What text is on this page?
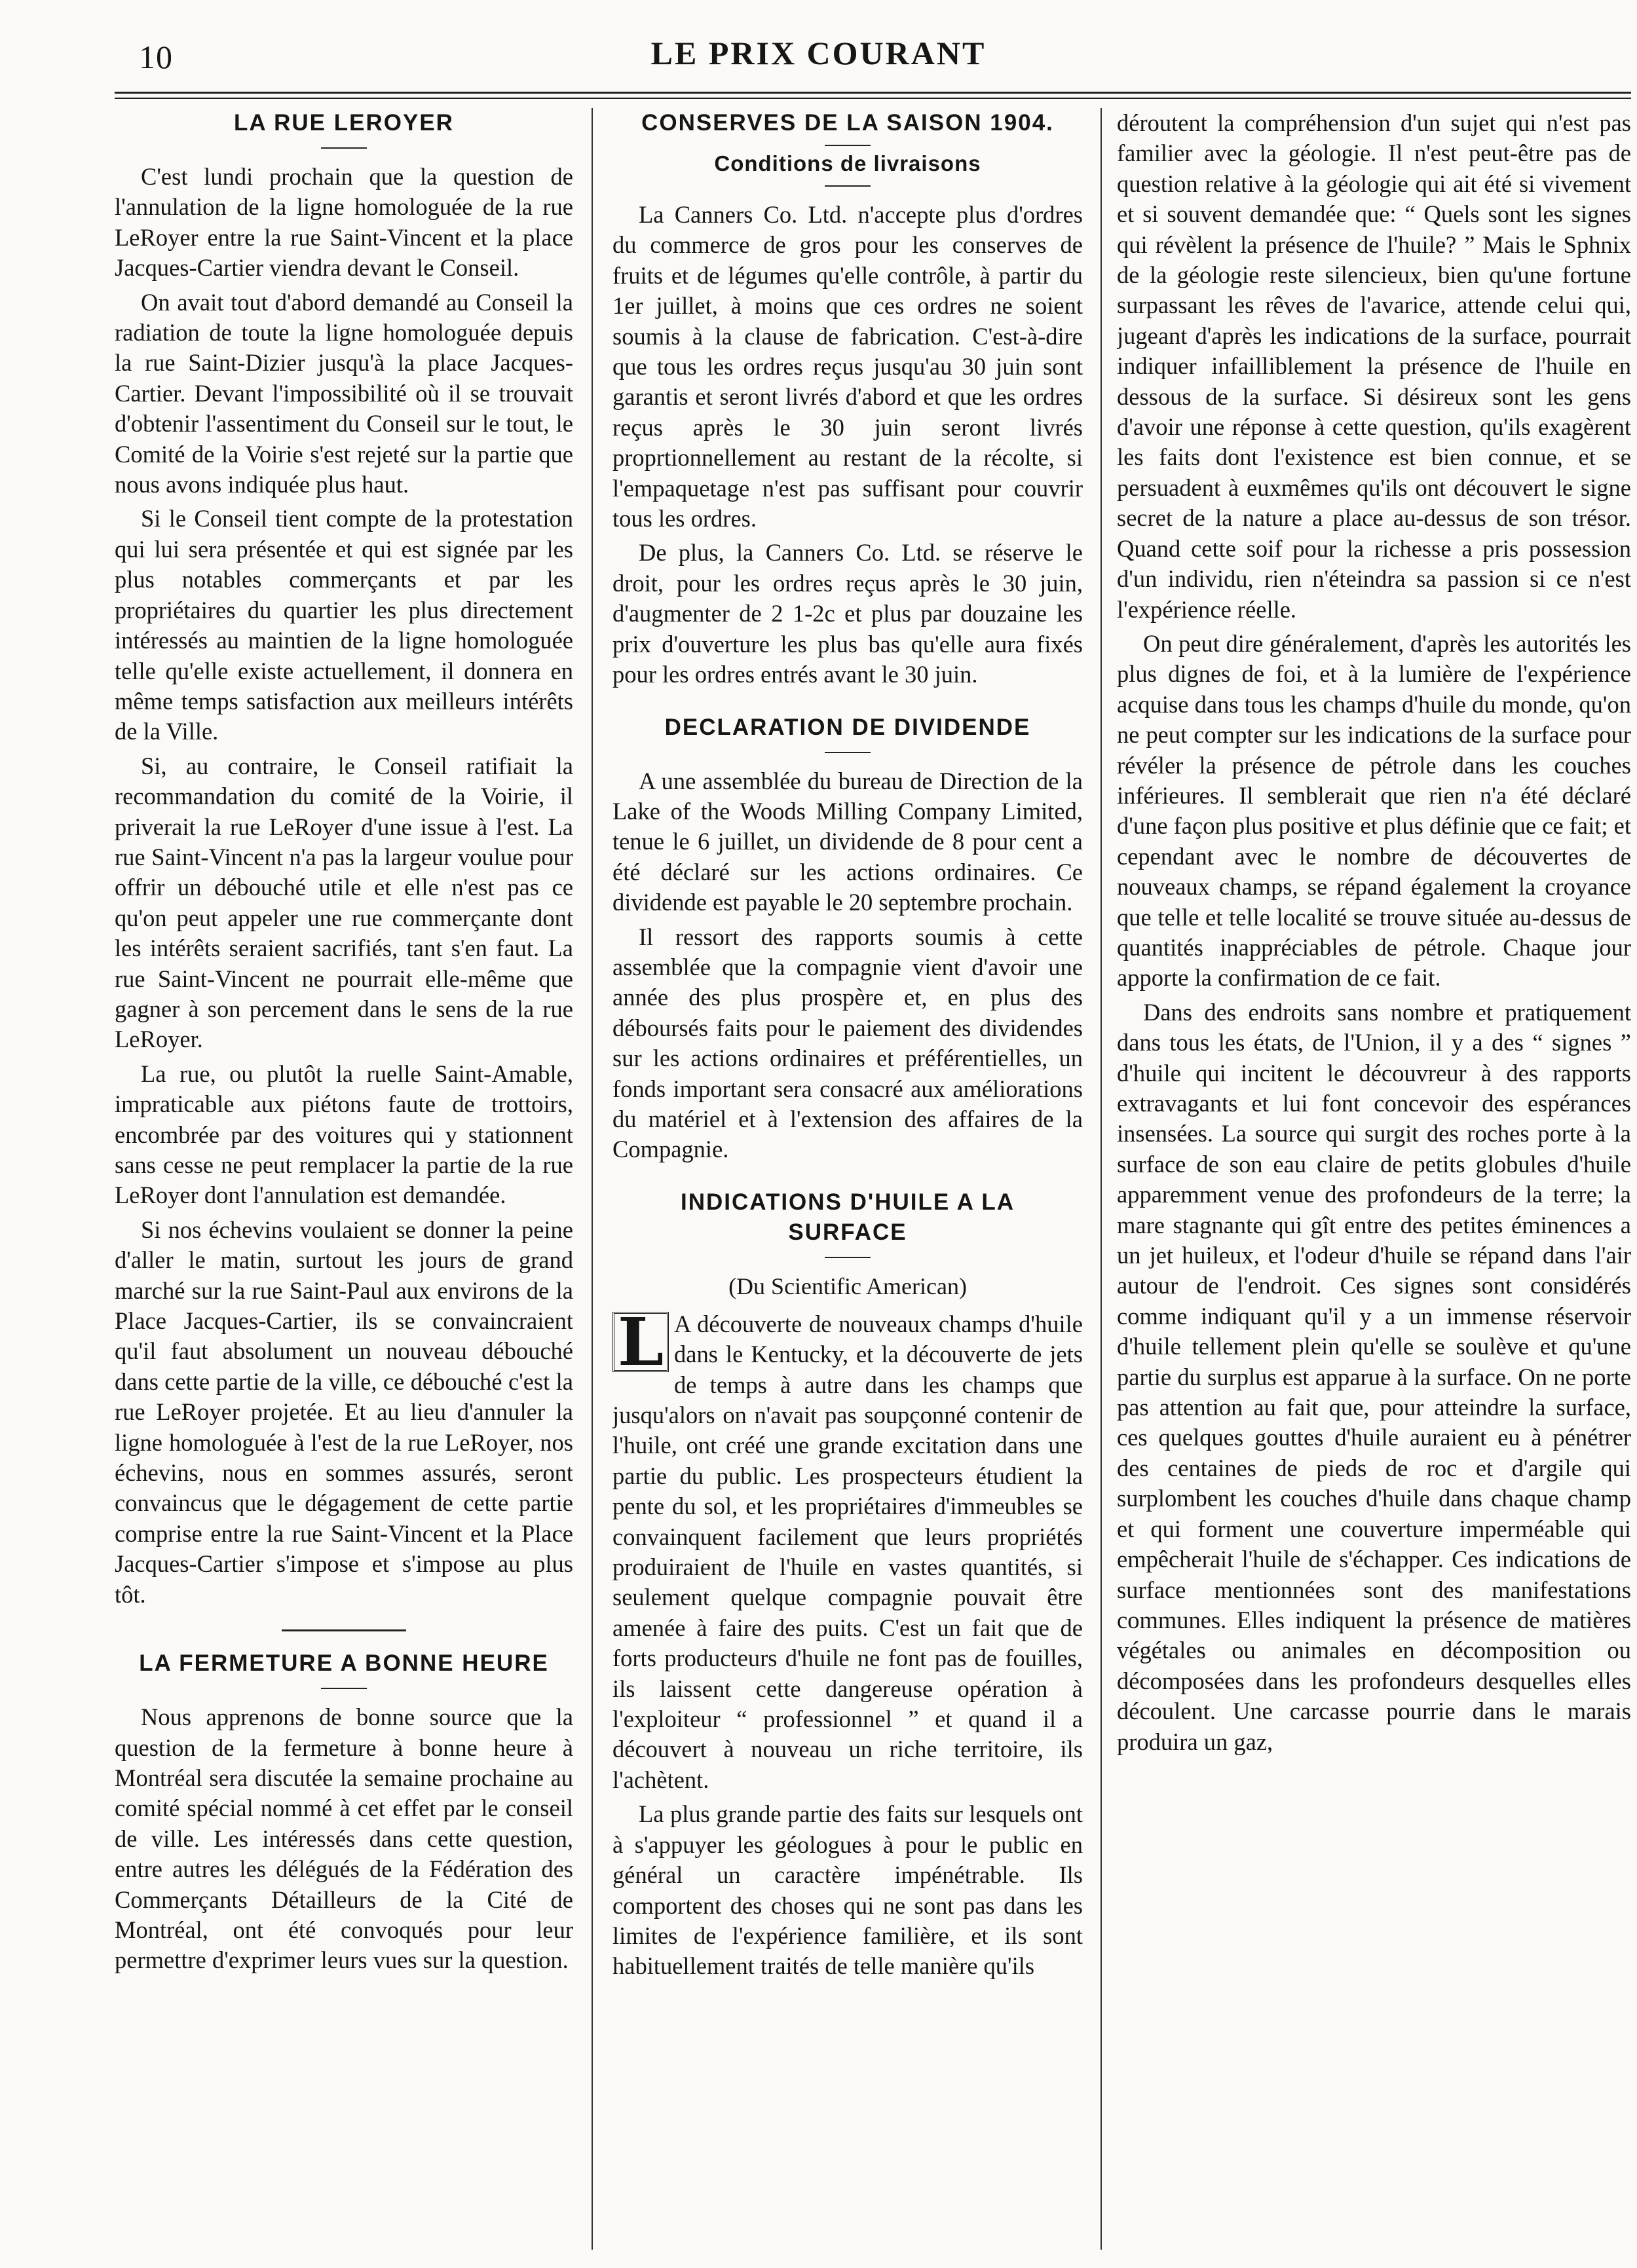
10	LE PRIX COURANT
LA RUE LEROYER

C'est lundi prochain que la question de l'annulation de la ligne homologuée de la rue LeRoyer entre la rue Saint-Vincent et la place Jacques-Cartier viendra devant le Conseil.

On avait tout d'abord demandé au Conseil la radiation de toute la ligne homologuée depuis la rue Saint-Dizier jusqu'à la place Jacques-Cartier. Devant l'impossibilité où il se trouvait d'obtenir l'assentiment du Conseil sur le tout, le Comité de la Voirie s'est rejeté sur la partie que nous avons indiquée plus haut.

Si le Conseil tient compte de la protestation qui lui sera présentée et qui est signée par les plus notables commerçants et par les propriétaires du quartier les plus directement intéressés au maintien de la ligne homologuée telle qu'elle existe actuellement, il donnera en même temps satisfaction aux meilleurs intérêts de la Ville.

Si, au contraire, le Conseil ratifiait la recommandation du comité de la Voirie, il priverait la rue LeRoyer d'une issue à l'est. La rue Saint-Vincent n'a pas la largeur voulue pour offrir un débouché utile et elle n'est pas ce qu'on peut appeler une rue commerçante dont les intérêts seraient sacrifiés, tant s'en faut. La rue Saint-Vincent ne pourrait elle-même que gagner à son percement dans le sens de la rue LeRoyer.

La rue, ou plutôt la ruelle Saint-Amable, impraticable aux piétons faute de trottoirs, encombrée par des voitures qui y stationnent sans cesse ne peut remplacer la partie de la rue LeRoyer dont l'annulation est demandée.

Si nos échevins voulaient se donner la peine d'aller le matin, surtout les jours de grand marché sur la rue Saint-Paul aux environs de la Place Jacques-Cartier, ils se convaincraient qu'il faut absolument un nouveau débouché dans cette partie de la ville, ce débouché c'est la rue LeRoyer projetée. Et au lieu d'annuler la ligne homologuée à l'est de la rue LeRoyer, nos échevins, nous en sommes assurés, seront convaincus que le dégagement de cette partie comprise entre la rue Saint-Vincent et la Place Jacques-Cartier s'impose et s'impose au plus tôt.

LA FERMETURE A BONNE HEURE

Nous apprenons de bonne source que la question de la fermeture à bonne heure à Montréal sera discutée la semaine prochaine au comité spécial nommé à cet effet par le conseil de ville. Les intéressés dans cette question, entre autres les délégués de la Fédération des Commerçants Détailleurs de la Cité de Montréal, ont été convoqués pour leur permettre d'exprimer leurs vues sur la question.

CONSERVES DE LA SAISON 1904.
Conditions de livraisons

La Canners Co. Ltd. n'accepte plus d'ordres du commerce de gros pour les conserves de fruits et de légumes qu'elle contrôle, à partir du 1er juillet, à moins que ces ordres ne soient soumis à la clause de fabrication. C'est-à-dire que tous les ordres reçus jusqu'au 30 juin sont garantis et seront livrés d'abord et que les ordres reçus après le 30 juin seront livrés proprtionnellement au restant de la récolte, si l'empaquetage n'est pas suffisant pour couvrir tous les ordres.

De plus, la Canners Co. Ltd. se réserve le droit, pour les ordres reçus après le 30 juin, d'augmenter de 2 1-2c et plus par douzaine les prix d'ouverture les plus bas qu'elle aura fixés pour les ordres entrés avant le 30 juin.

DECLARATION DE DIVIDENDE

A une assemblée du bureau de Direction de la Lake of the Woods Milling Company Limited, tenue le 6 juillet, un dividende de 8 pour cent a été déclaré sur les actions ordinaires. Ce dividende est payable le 20 septembre prochain.

Il ressort des rapports soumis à cette assemblée que la compagnie vient d'avoir une année des plus prospère et, en plus des déboursés faits pour le paiement des dividendes sur les actions ordinaires et préférentielles, un fonds important sera consacré aux améliorations du matériel et à l'extension des affaires de la Compagnie.

INDICATIONS D'HUILE A LA SURFACE
(Du Scientific American)

L A découverte de nouveaux champs d'huile dans le Kentucky, et la découverte de jets de temps à autre dans les champs que jusqu'alors on n'avait pas soupçonné contenir de l'huile, ont créé une grande excitation dans une partie du public. Les prospecteurs étudient la pente du sol, et les propriétaires d'immeubles se convainquent facilement que leurs propriétés produiraient de l'huile en vastes quantités, si seulement quelque compagnie pouvait être amenée à faire des puits. C'est un fait que de forts producteurs d'huile ne font pas de fouilles, ils laissent cette dangereuse opération à l'exploiteur “ professionnel ” et quand il a découvert à nouveau un riche territoire, ils l'achètent.

La plus grande partie des faits sur lesquels ont à s'appuyer les géologues à pour le public en général un caractère impénétrable. Ils comportent des choses qui ne sont pas dans les limites de l'expérience familière, et ils sont habituellement traités de telle manière qu'ils

déroutent la compréhension d'un sujet qui n'est pas familier avec la géologie. Il n'est peut-être pas de question relative à la géologie qui ait été si vivement et si souvent demandée que: “ Quels sont les signes qui révèlent la présence de l'huile? ” Mais le Sphnix de la géologie reste silencieux, bien qu'une fortune surpassant les rêves de l'avarice, attende celui qui, jugeant d'après les indications de la surface, pourrait indiquer infailliblement la présence de l'huile en dessous de la surface. Si désireux sont les gens d'avoir une réponse à cette question, qu'ils exagèrent les faits dont l'existence est bien connue, et se persuadent à euxmêmes qu'ils ont découvert le signe secret de la nature a place au-dessus de son trésor. Quand cette soif pour la richesse a pris possession d'un individu, rien n'éteindra sa passion si ce n'est l'expérience réelle.

On peut dire généralement, d'après les autorités les plus dignes de foi, et à la lumière de l'expérience acquise dans tous les champs d'huile du monde, qu'on ne peut compter sur les indications de la surface pour révéler la présence de pétrole dans les couches inférieures. Il semblerait que rien n'a été déclaré d'une façon plus positive et plus définie que ce fait; et cependant avec le nombre de découvertes de nouveaux champs, se répand également la croyance que telle et telle localité se trouve située au-dessus de quantités inappréciables de pétrole. Chaque jour apporte la confirmation de ce fait.

Dans des endroits sans nombre et pratiquement dans tous les états, de l'Union, il y a des “ signes ” d'huile qui incitent le découvreur à des rapports extravagants et lui font concevoir des espérances insensées. La source qui surgit des roches porte à la surface de son eau claire de petits globules d'huile apparemment venue des profondeurs de la terre; la mare stagnante qui gît entre des petites éminences a un jet huileux, et l'odeur d'huile se répand dans l'air autour de l'endroit. Ces signes sont considérés comme indiquant qu'il y a un immense réservoir d'huile tellement plein qu'elle se soulève et qu'une partie du surplus est apparue à la surface. On ne porte pas attention au fait que, pour atteindre la surface, ces quelques gouttes d'huile auraient eu à pénétrer des centaines de pieds de roc et d'argile qui surplombent les couches d'huile dans chaque champ et qui forment une couverture imperméable qui empêcherait l'huile de s'échapper. Ces indications de surface mentionnées sont des manifestations communes. Elles indiquent la présence de matières végétales ou animales en décomposition ou décomposées dans les profondeurs desquelles elles découlent. Une carcasse pourrie dans le marais produira un gaz,
